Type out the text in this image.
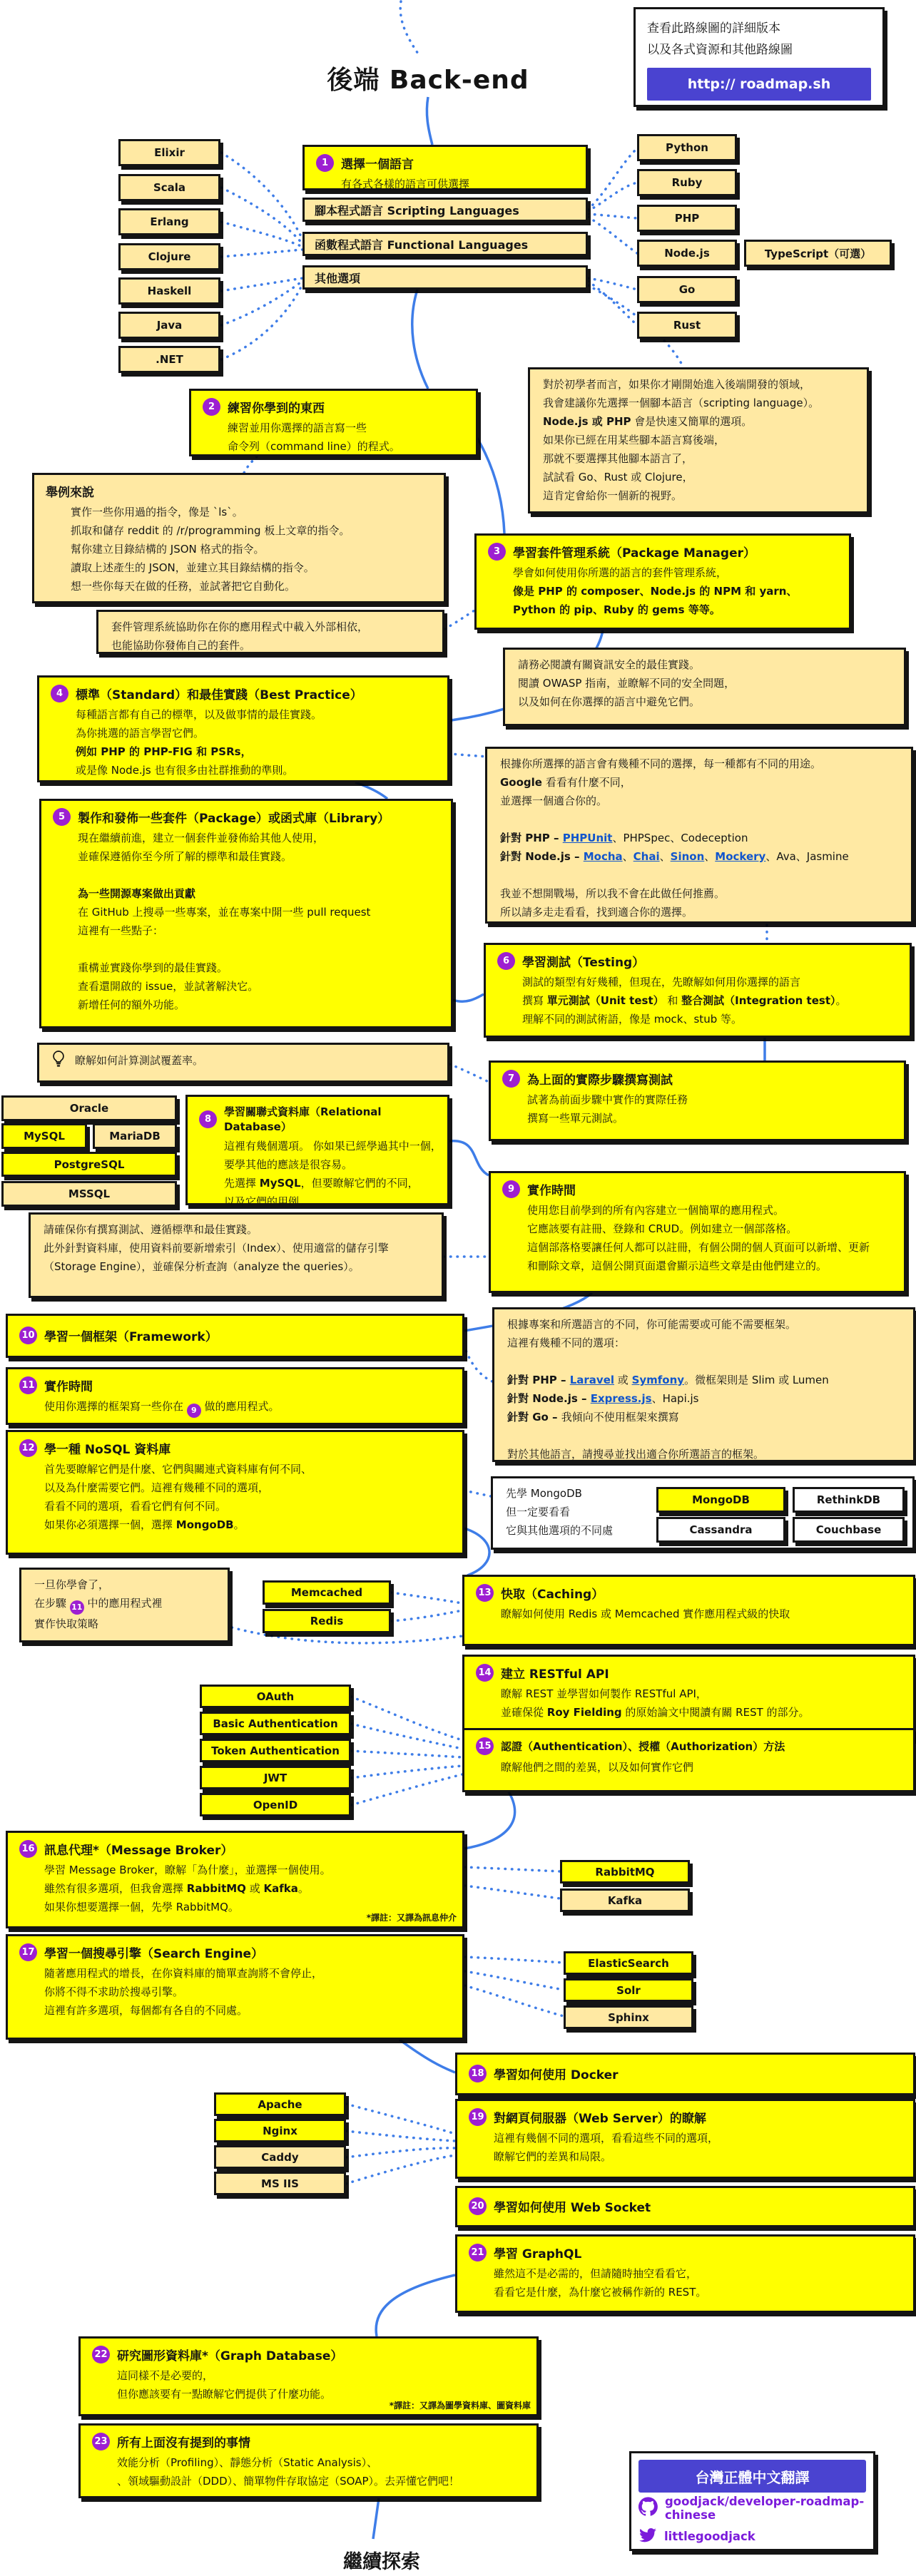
後端 Back-end
查看此路線圖的詳細版本
以及各式資源和其他路線圖
http:// roadmap.sh
對於初學者而言，如果你才剛開始進入後端開發的領域，
我會建議你先選擇一個腳本語言（scripting language）。
Node.js 或 PHP 會是快速又簡單的選項。
如果你已經在用某些腳本語言寫後端，
那就不要選擇其他腳本語言了，
試試看 Go、Rust 或 Clojure，
這肯定會給你一個新的視野。
舉例來說
實作一些你用過的指令，像是 `ls`。
抓取和儲存 reddit 的 /r/programming 板上文章的指令。
幫你建立目錄結構的 JSON 格式的指令。
讀取上述產生的 JSON，並建立其目錄結構的指令。
想一些你每天在做的任務，並試著把它自動化。
套件管理系統協助你在你的應用程式中載入外部相依，
也能協助你發佈自己的套件。
請務必閱讀有關資訊安全的最佳實踐。
閱讀 OWASP 指南，並瞭解不同的安全問題，
以及如何在你選擇的語言中避免它們。
根據你所選擇的語言會有幾種不同的選擇，每一種都有不同的用途。
Google 看看有什麼不同，
並選擇一個適合你的。

針對 PHP – PHPUnit、PHPSpec、Codeception
針對 Node.js – Mocha、Chai、Sinon、Mockery、Ava、Jasmine

我並不想開戰場，所以我不會在此做任何推薦。
所以請多走走看看，找到適合你的選擇。
瞭解如何計算測試覆蓋率。
請確保你有撰寫測試、遵循標準和最佳實踐。
此外針對資料庫，使用資料前要新增索引（Index）、使用適當的儲存引擎
（Storage Engine），並確保分析查詢（analyze the queries）。
根據專案和所選語言的不同，你可能需要或可能不需要框架。
這裡有幾種不同的選項：

針對 PHP – Laravel 或 Symfony。微框架則是 Slim 或 Lumen
針對 Node.js – Express.js、Hapi.js
針對 Go – 我傾向不使用框架來撰寫

對於其他語言，請搜尋並找出適合你所選語言的框架。
先學 MongoDB
但一定要看看
它與其他選項的不同處
一旦你學會了，
在步驟 11 中的應用程式裡
實作快取策略
腳本程式語言 Scripting Languages
函數程式語言 Functional Languages
其他選項
1	選擇一個語言
有各式各樣的語言可供選擇
2	練習你學到的東西
練習並用你選擇的語言寫一些
命令列（command line）的程式。
3	學習套件管理系統（Package Manager）
學會如何使用你所選的語言的套件管理系統，
像是 PHP 的 composer、Node.js 的 NPM 和 yarn、
Python 的 pip、Ruby 的 gems 等等。
4	標準（Standard）和最佳實踐（Best Practice）
每種語言都有自己的標準，以及做事情的最佳實踐。
為你挑選的語言學習它們。
例如 PHP 的 PHP-FIG 和 PSRs，
或是像 Node.js 也有很多由社群推動的準則。
5	製作和發佈一些套件（Package）或函式庫（Library）
現在繼續前進，建立一個套件並發佈給其他人使用，
並確保遵循你至今所了解的標準和最佳實踐。

為一些開源專案做出貢獻
在 GitHub 上搜尋一些專案，並在專案中開一些 pull request
這裡有一些點子：

重構並實踐你學到的最佳實踐。
查看還開啟的 issue，並試著解決它。
新增任何的額外功能。
6	學習測試（Testing）
測試的類型有好幾種，但現在，先瞭解如何用你選擇的語言
撰寫 單元測試（Unit test） 和 整合測試（Integration test）。
理解不同的測試術語，像是 mock、stub 等。
7	為上面的實際步驟撰寫測試
試著為前面步驟中實作的實際任務
撰寫一些單元測試。
8
學習關聯式資料庫（Relational Database）
這裡有幾個選項。 你如果已經學過其中一個，
要學其他的應該是很容易。
先選擇 MySQL，但要瞭解它們的不同，
以及它們的用例。
9	實作時間
使用您目前學到的所有內容建立一個簡單的應用程式。
它應該要有註冊、登錄和 CRUD。例如建立一個部落格。
這個部落格要讓任何人都可以註冊，有個公開的個人頁面可以新增、更新
和刪除文章，這個公開頁面還會顯示這些文章是由他們建立的。
10 學習一個框架（Framework）
11 實作時間
使用你選擇的框架寫一些你在 9 做的應用程式。
12 學一種 NoSQL 資料庫
首先要瞭解它們是什麼、它們與關連式資料庫有何不同、
以及為什麼需要它們。這裡有幾種不同的選項，
看看不同的選項，看看它們有何不同。
如果你必須選擇一個，選擇 MongoDB。
13 快取（Caching）
瞭解如何使用 Redis 或 Memcached 實作應用程式級的快取
14 建立 RESTful API
瞭解 REST 並學習如何製作 RESTful API，
並確保從 Roy Fielding 的原始論文中閱讀有關 REST 的部分。
15 認證（Authentication）、授權（Authorization）方法
瞭解他們之間的差異，以及如何實作它們
16 訊息代理*（Message Broker）
學習 Message Broker，瞭解「為什麼」，並選擇一個使用。
雖然有很多選項，但我會選擇 RabbitMQ 或 Kafka。
如果你想要選擇一個，先學 RabbitMQ。
*譯註：又譯為訊息仲介
17 學習一個搜尋引擎（Search Engine）
隨著應用程式的增長，在你資料庫的簡單查詢將不會停止，
你將不得不求助於搜尋引擎。
這裡有許多選項，每個都有各自的不同處。
18 學習如何使用 Docker
19 對網頁伺服器（Web Server）的瞭解
這裡有幾個不同的選項，看看這些不同的選項，
瞭解它們的差異和局限。
20 學習如何使用 Web Socket
21 學習 GraphQL
雖然這不是必需的，但請隨時抽空看看它，
看看它是什麼，為什麼它被稱作新的 REST。
22 研究圖形資料庫*（Graph Database）
這同樣不是必要的，
但你應該要有一點瞭解它們提供了什麼功能。
*譯註：又譯為圖學資料庫、圖資料庫
23 所有上面沒有提到的事情
效能分析（Profiling）、靜態分析（Static Analysis）、
、領域驅動設計（DDD）、簡單物件存取協定（SOAP）。去弄懂它們吧！
Elixir
Scala
Erlang
Clojure
Haskell
Java
.NET
Python
Ruby
PHP
Node.js	TypeScript（可選）
Go
Rust
Oracle
MySQL	MariaDB
PostgreSQL
MSSQL
MongoDB	RethinkDB
Cassandra	Couchbase
Memcached
Redis
OAuth
Basic Authentication
Token Authentication
JWT
OpenID
RabbitMQ
Kafka
ElasticSearch
Solr
Sphinx
Apache
Nginx
Caddy
MS IIS
台灣正體中文翻譯
goodjack/developer-roadmap-chinese
littlegoodjack
繼續探索
